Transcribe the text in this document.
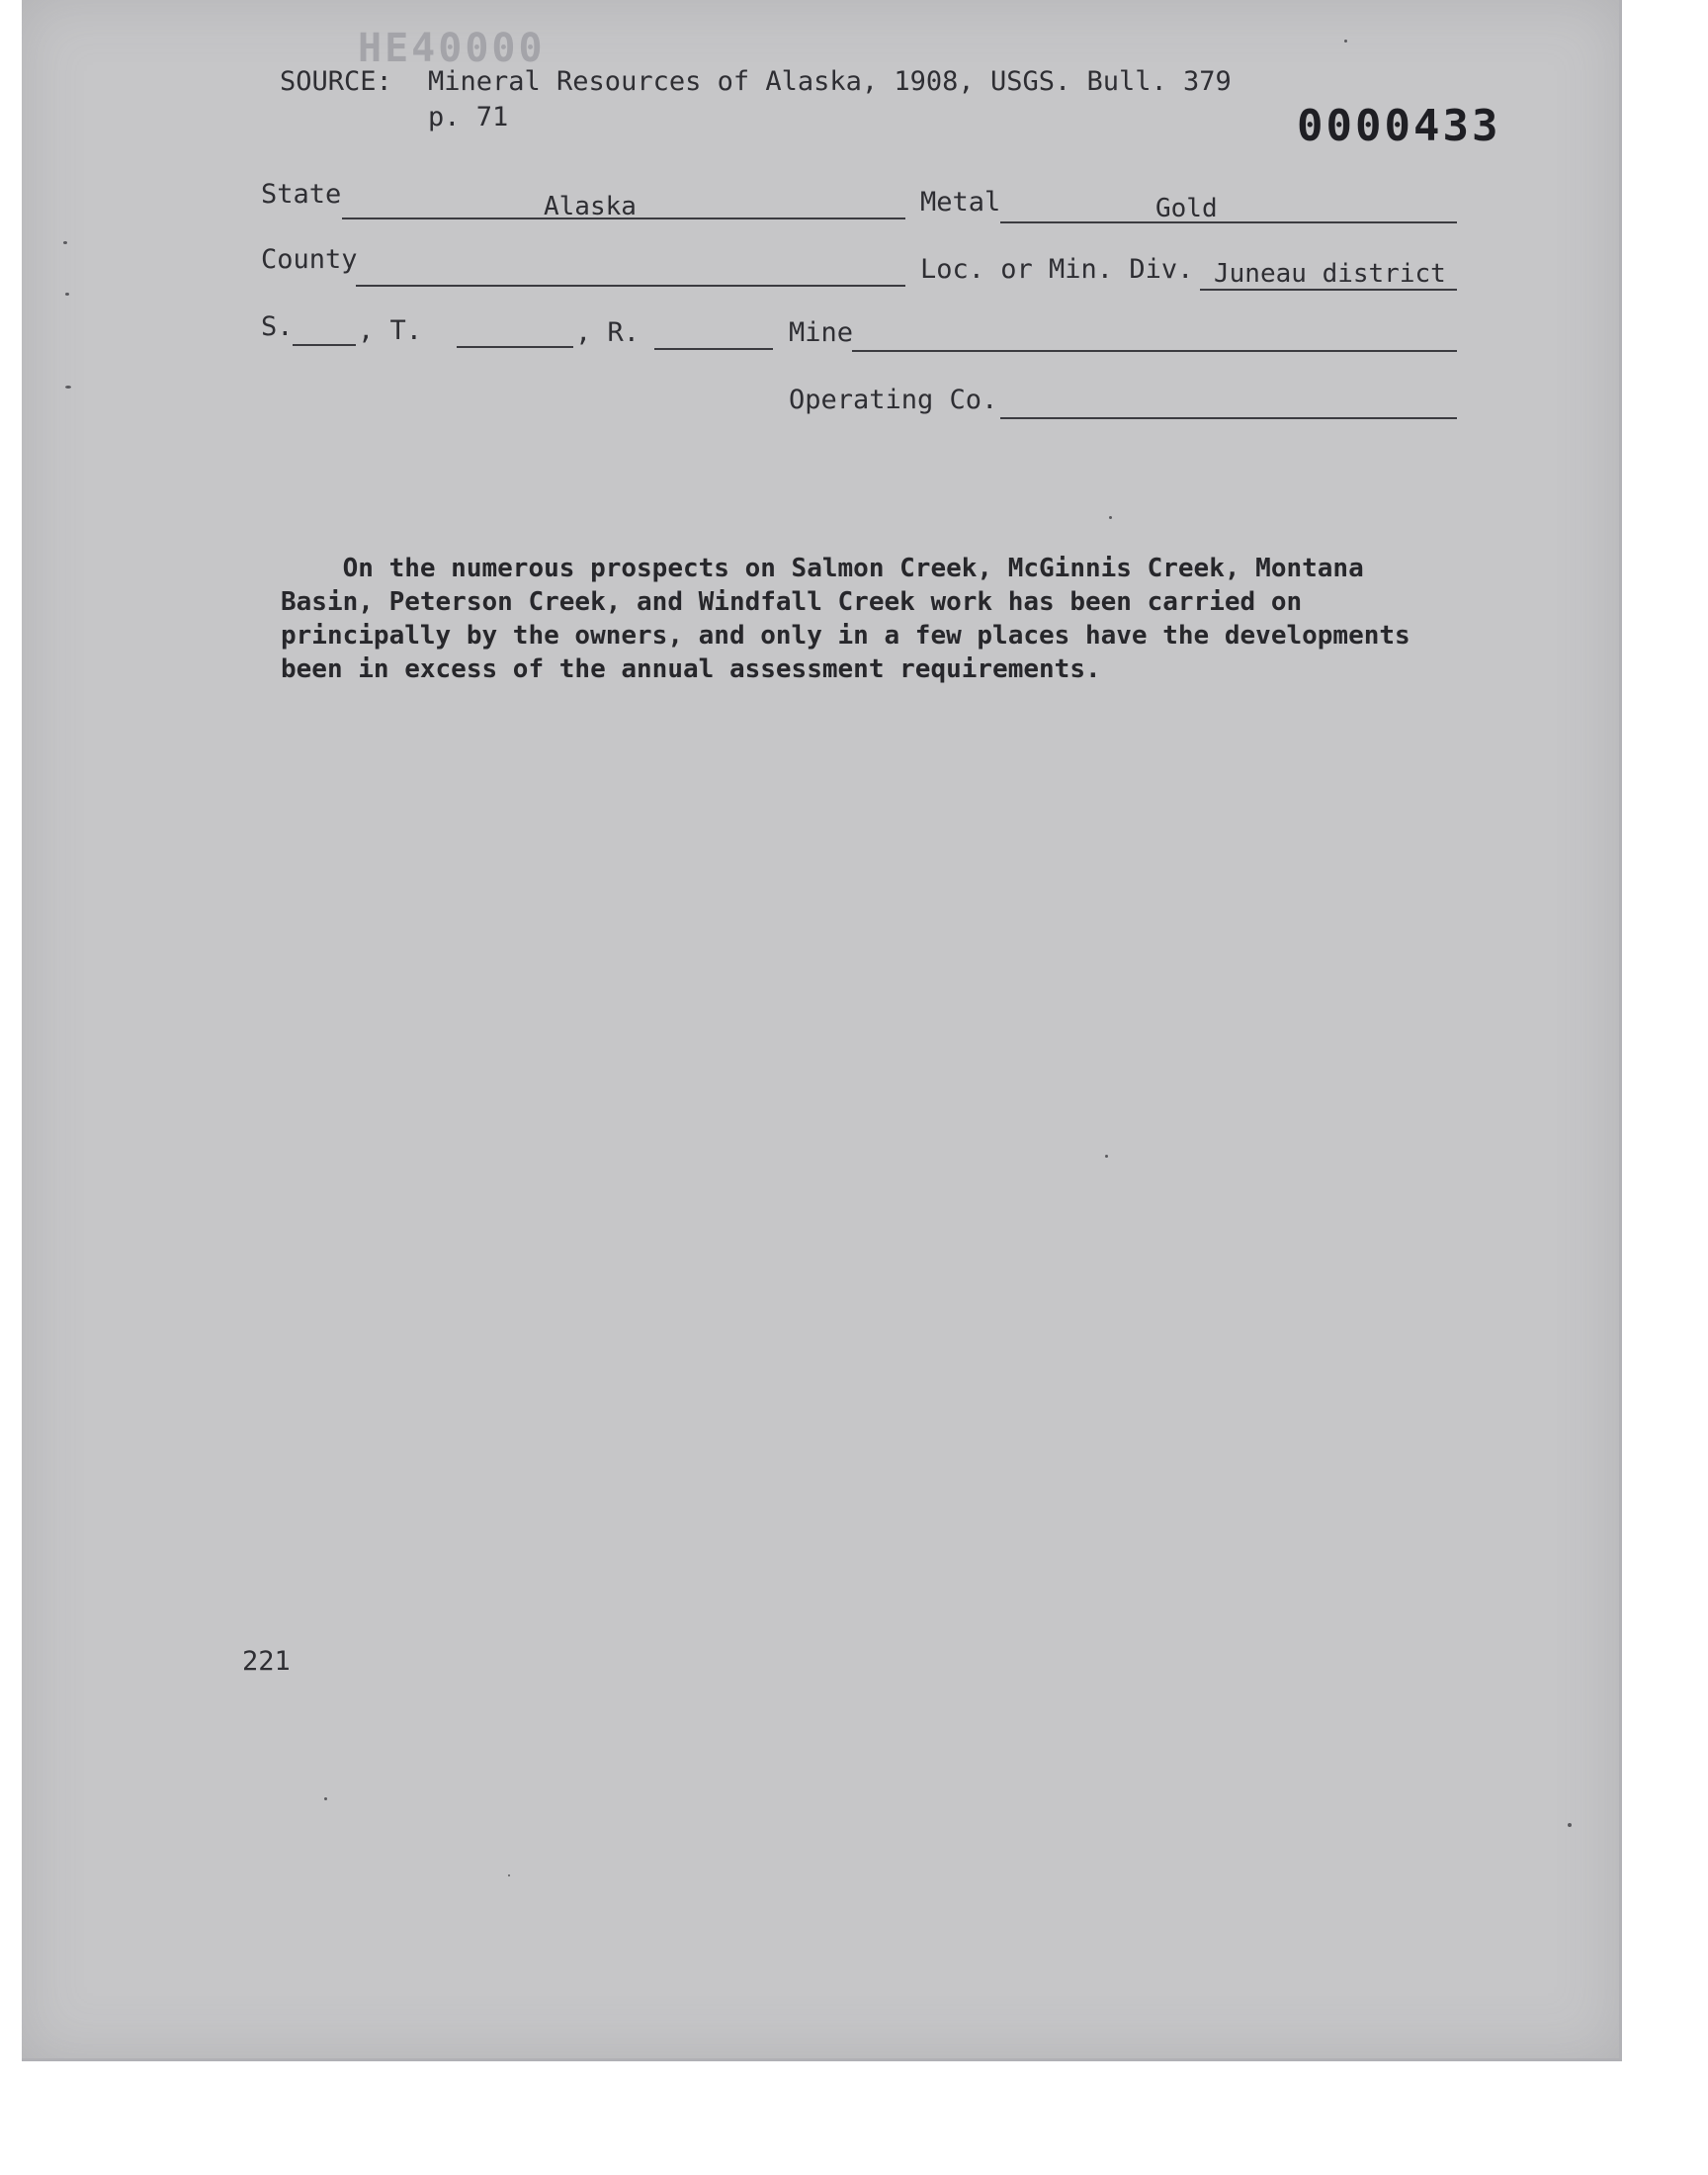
HE40000
SOURCE: Mineral Resources of Alaska, 1908, USGS. Bull. 379
p. 71	0000433
State	Alaska	Metal	Gold
County	Loc. or Min. Div. Juneau district
S. , T.	, R.	Mine
Operating Co.
On the numerous prospects on Salmon Creek, McGinnis Creek, Montana
Basin, Peterson Creek, and Windfall Creek work has been carried on
principally by the owners, and only in a few places have the developments
been in excess of the annual assessment requirements.
221
